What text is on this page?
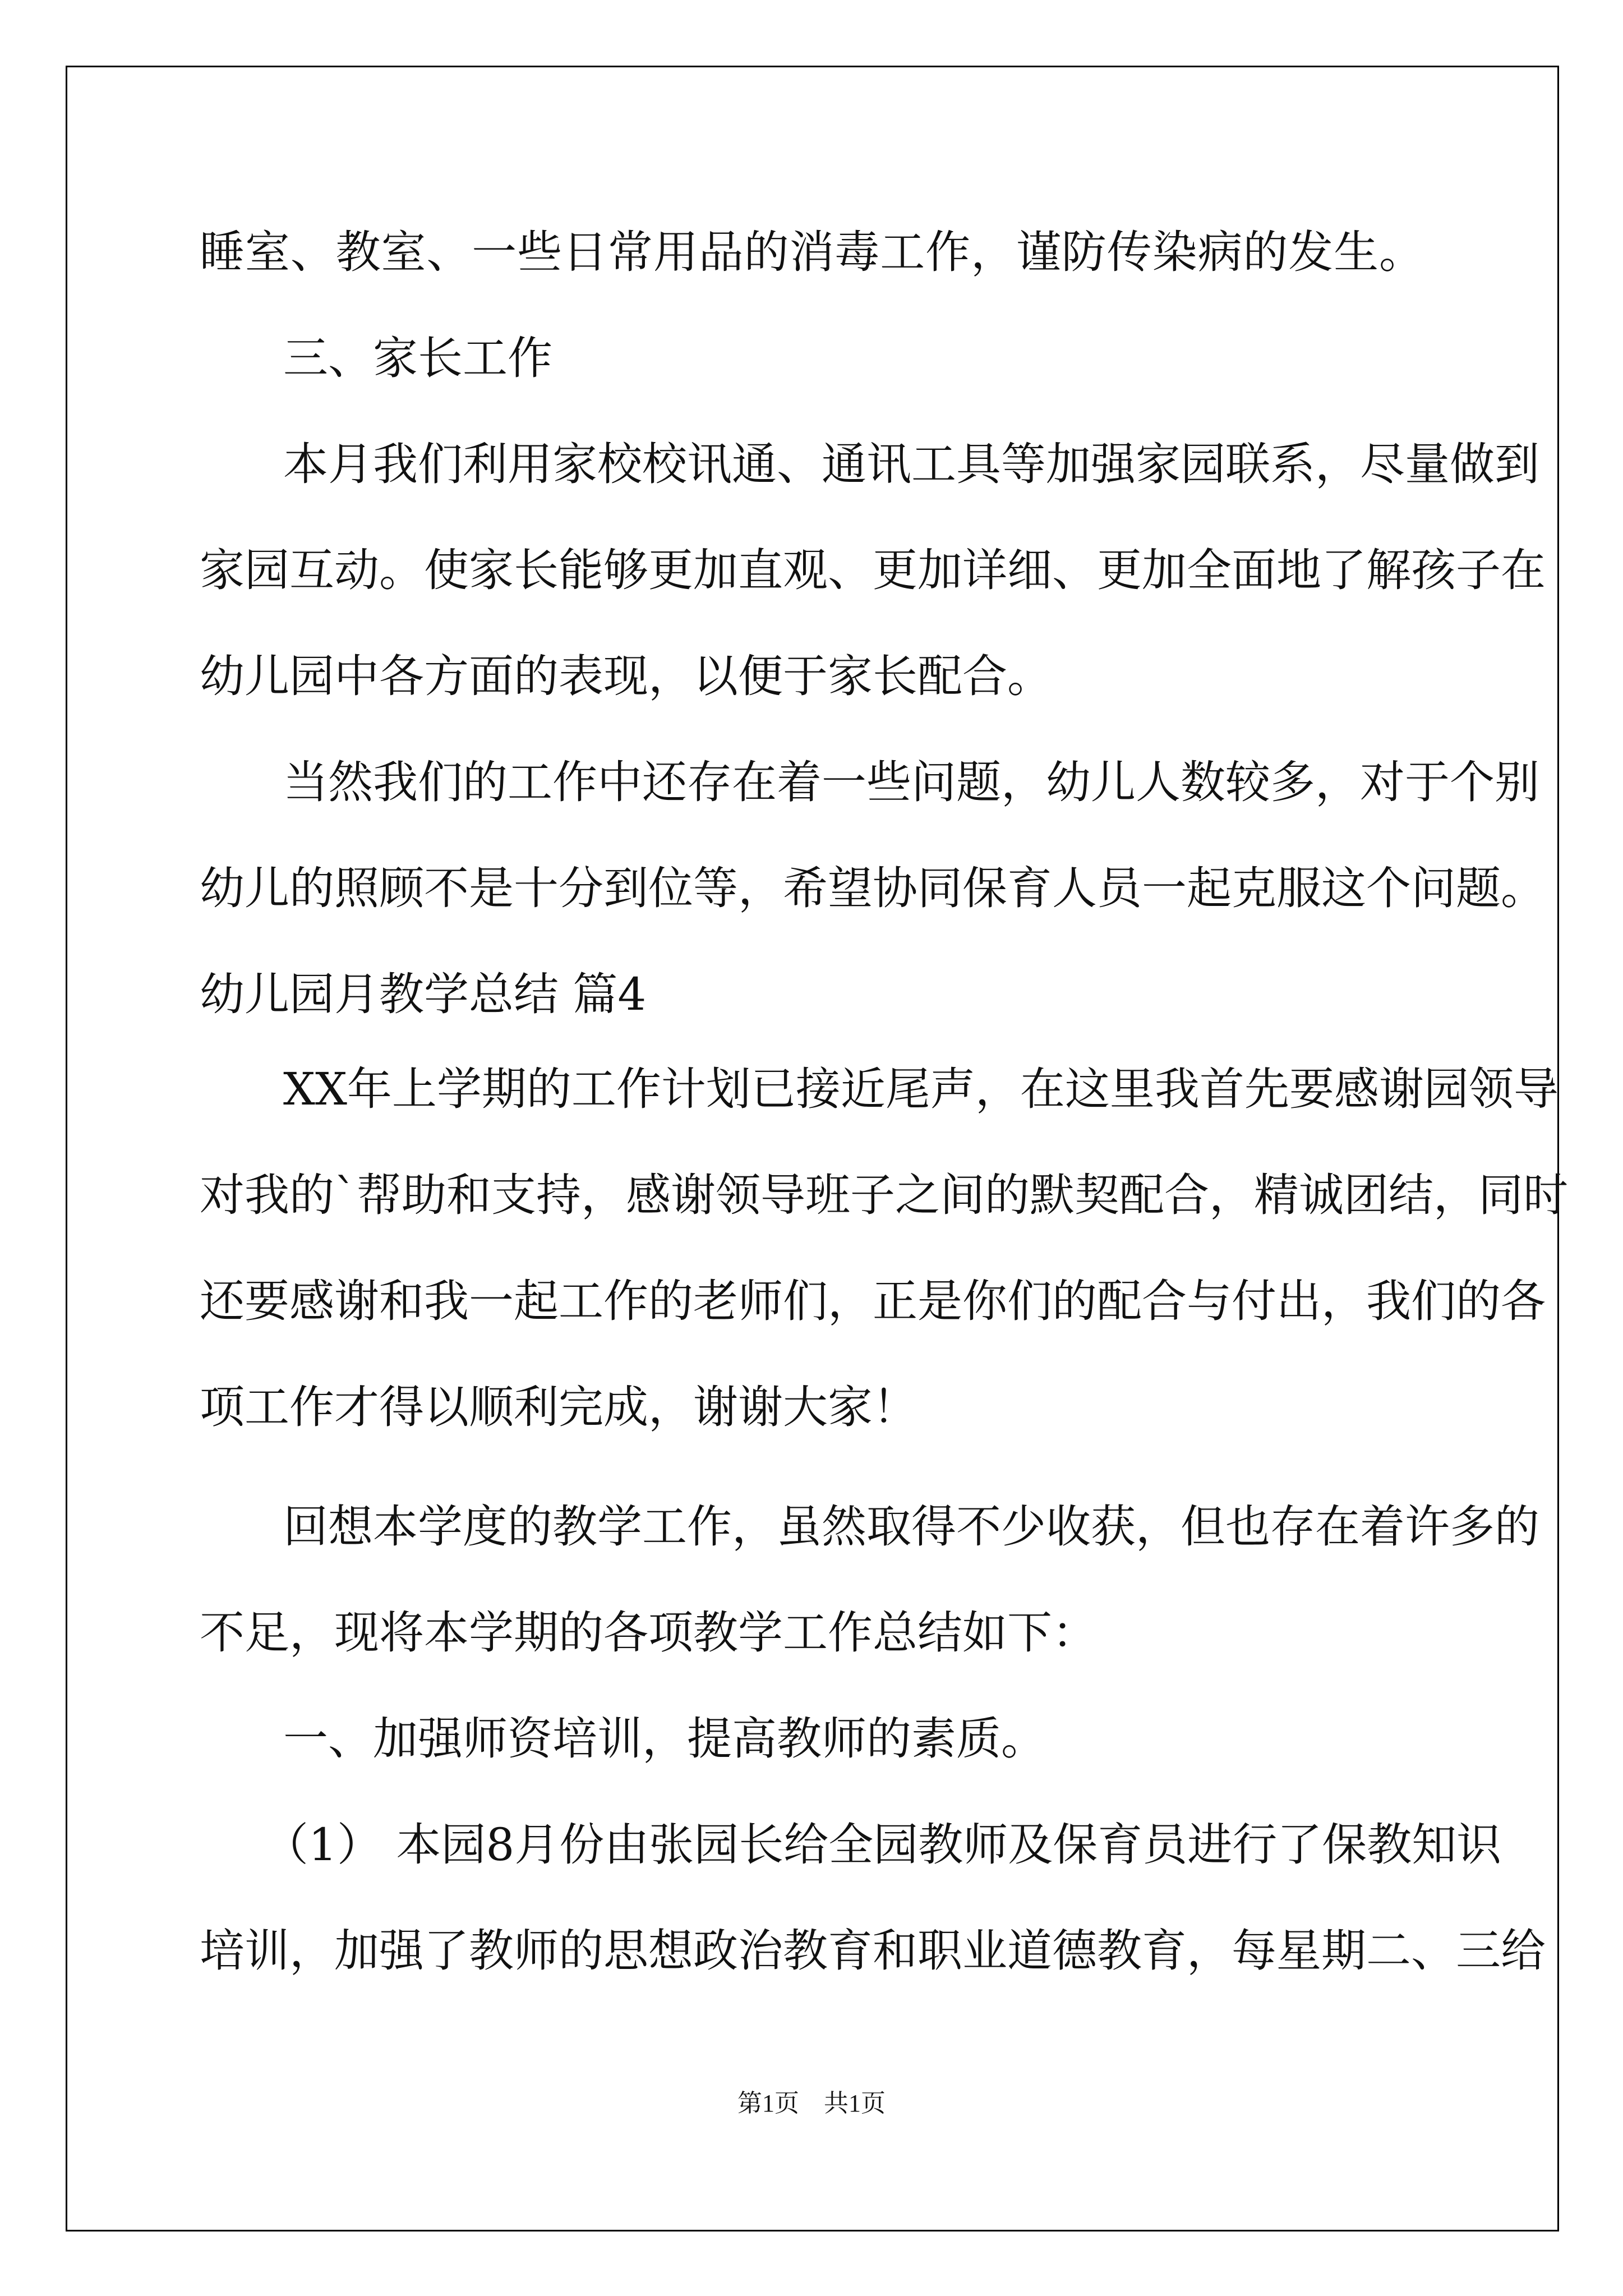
睡室、教室、一些日常用品的消毒工作，谨防传染病的发生。
三、家长工作
本月我们利用家校校讯通、通讯工具等加强家园联系，尽量做到
家园互动。使家长能够更加直观、更加详细、更加全面地了解孩子在
幼儿园中各方面的表现，以便于家长配合。
当然我们的工作中还存在着一些问题，幼儿人数较多，对于个别
幼儿的照顾不是十分到位等，希望协同保育人员一起克服这个问题。
幼儿园月教学总结 篇4
XX年上学期的工作计划已接近尾声，在这里我首先要感谢园领导
对我的`帮助和支持，感谢领导班子之间的默契配合，精诚团结，同时
还要感谢和我一起工作的老师们，正是你们的配合与付出，我们的各
项工作才得以顺利完成，谢谢大家！
回想本学度的教学工作，虽然取得不少收获，但也存在着许多的
不足，现将本学期的各项教学工作总结如下：
一、加强师资培训，提高教师的素质。
（1） 本园8月份由张园长给全园教师及保育员进行了保教知识
培训，加强了教师的思想政治教育和职业道德教育，每星期二、三给
第1页　共1页
